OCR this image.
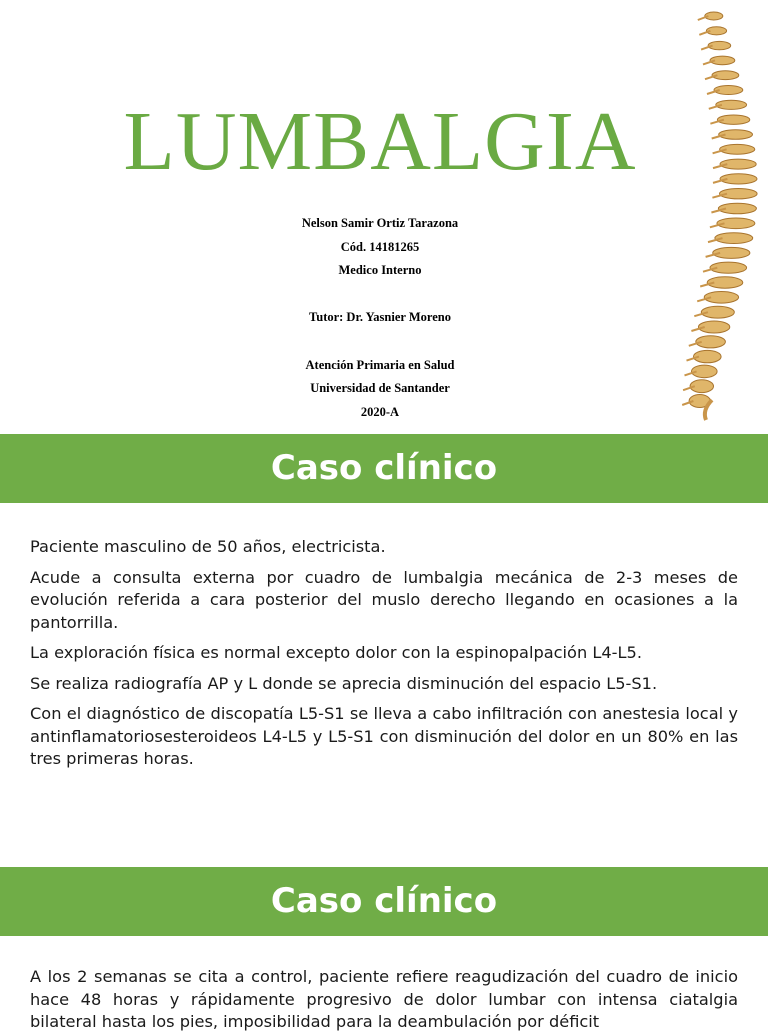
LUMBALGIA
Nelson Samir Ortiz Tarazona
Cód. 14181265
Medico Interno
Tutor: Dr. Yasnier Moreno
Atención Primaria en Salud
Universidad de Santander
2020-A
Caso clínico

Paciente masculino de 50 años, electricista.

Acude a consulta externa por cuadro de lumbalgia mecánica de 2-3 meses de evolución referida a cara posterior del muslo derecho llegando en ocasiones a la pantorrilla.

La exploración física es normal excepto dolor con la espinopalpación L4-L5.

Se realiza radiografía AP y L donde se aprecia disminución del espacio L5-S1.

Con el diagnóstico de discopatía L5-S1 se lleva a cabo infiltración con anestesia local y antinflamatoriosesteroideos L4-L5 y L5-S1 con disminución del dolor en un 80% en las tres primeras horas.

Caso clínico

A los 2 semanas se cita a control, paciente refiere reagudización del cuadro de inicio hace 48 horas y rápidamente progresivo de dolor lumbar con intensa ciatalgia bilateral hasta los pies, imposibilidad para la deambulación por déficit
